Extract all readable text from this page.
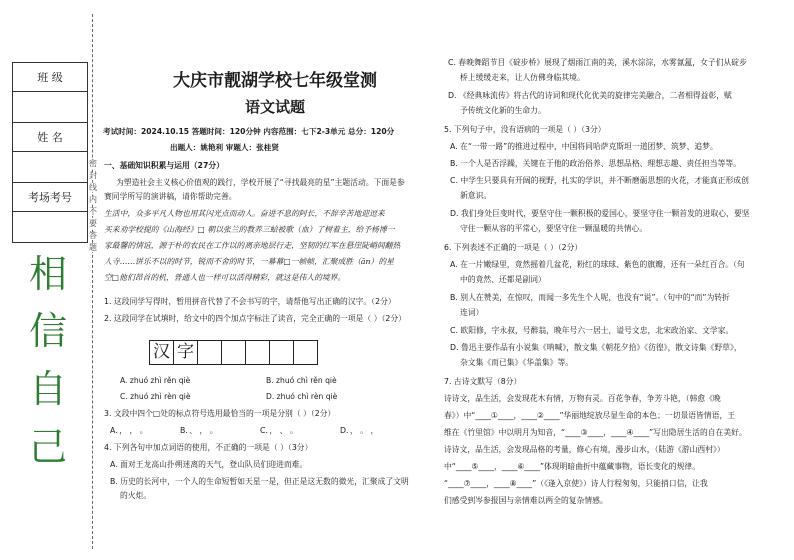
班 级

姓 名

考场考号

相
信
自
己
密
封
线
内
不
要
答
题
大庆市靓湖学校七年级堂测
语文试题
考试时间：2024.10.15 答题时间：120分钟 内容范围：七下2-3单元 总分：120分
出题人：姚艳利 审题人：张桂贤
一、基础知识积累与运用（27分）
为塑造社会主义核心价值观的践行，学校开展了“寻找最亮的星”主题活动。下面是参
赛同学所写的演讲稿，请你帮助完善。
生活中，众多平凡人物也用其闪光点而动人。奋进不息的阿长，不辞辛苦地迎逗来
买来劝学校提的《山海经》□ 朝以张兰的教养三蛤被歌（血）了树着主，给予杨博一
家最馨的情谊，源于朴的农民在工作以的离亲地层行走，坚韧的红军在悬崖陡峭间翻热
人寺……饼乐不以的时节，锐而不舍的时节，一幕幕□一帧帧，汇聚成胜（ān）的星
空□他们昂首的机，普通人也一样可以活得精彩，就这是伟人的境界。
1. 这段同学写得时，暂用拼音代替了不会书写的字，请帮他写出正确的汉字。（2分）
2. 这段同学在试填时，给文中的四个加点字标注了读音，完全正确的一项是（ ）（2分）
汉 字
A. zhuó zhì rěn qiè	B. zhuó chì rěn qiè
C. zhuó zhì rèn qiè	D. zhuó chì rèn qiè
3. 文段中四个□处的标点符号选用最恰当的一项是分别（ ）（2分）
A．， ， 。	B．、 ， 。	C．， 、 。	D．， 。 ，
4. 下列各句中加点词语的使用，不正确的一项是（ ）（3分）
A. 面对王龙高山扑朔迷离的天气，登山队员们迎进而难。
B. 历史的长河中，一个人的生命短暂如天星一是，但正是这无数的微光，汇聚成了文明
的火炬。
C. 春晚舞蹈节目《碇步桥》展现了烟雨江南的美，溪水淙淙，水雾氤氲，女子们从碇步
桥上缓缓走来，让人仿佛身临其境。
D. 《经典咏流传》将古代的诗词和现代化优美的旋律完美融合，二者相得益彰，赋
予传统文化新的生命力。
5. 下列句子中，没有语病的一项是（ ）（3分）
A. 在“一带一路”的推进过程中，中国将同哈萨克斯坦一道团梦、筑梦、追梦。
B. 一个人是否浮躁，关键在于他的政治俗养、思想品格、理想志趣、责任担当等等。
C. 中学生只要具有开阔的视野，扎实的学识，并不断磨砺思想的火花，才能真正形成创
新意识。
D. 我们身处巨变时代，要坚守住一颗积极的爱国心，要坚守住一颗首发的进取心，要坚
守住一颗从容的平常心，要坚守住一颗温暖的共情心。
6. 下列表述不正确的一项是（ ）（2分）
A. 在一片嫩绿里，竟然摇着几盆花，粉红的球球、紫色的旗瓣，还有一朵红百合。（句
中的竟然、还都是副词）
B. 别人在赞美，在惊叹，而闻一多先生个人呢，也没有“说”。（句中的“而”为转折
连词）
C. 欧阳修，字永叔，号醉翁，晚年号六一居士，谥号文忠，北宋政治家、文学家。
D. 鲁迅主要作品有小说集《呐喊》，散文集《朝花夕拾》《彷徨》，散文诗集《野草》，
杂文集《而已集》《华盖集》等。
7. 古诗文默写（8分）
诗诗文，品生活，会发现花木有情，万物有灵。百花争春，争芳斗艳，（韩愈《晚
春》）中“____①____，____②____”华丽地绽放尽显生命的本色；一切景语皆情语，王
维在《竹里馆》中以明月为知音，“____③____，____④____”写出隐居生活的自在美好。
诗诗文，品生活，会发现品格的考量，修心有境，漫步山水，（陆游《游山西村》）
中“____⑤____，____⑥____”体现明暗曲折中蕴藏事物，语长变化的规律。
“____⑦____，____⑧____”（《逢入京使》）诗人行程匆匆，只能捎口信，让我
们感受到岑参报国与亲情难以两全的复杂情感。
